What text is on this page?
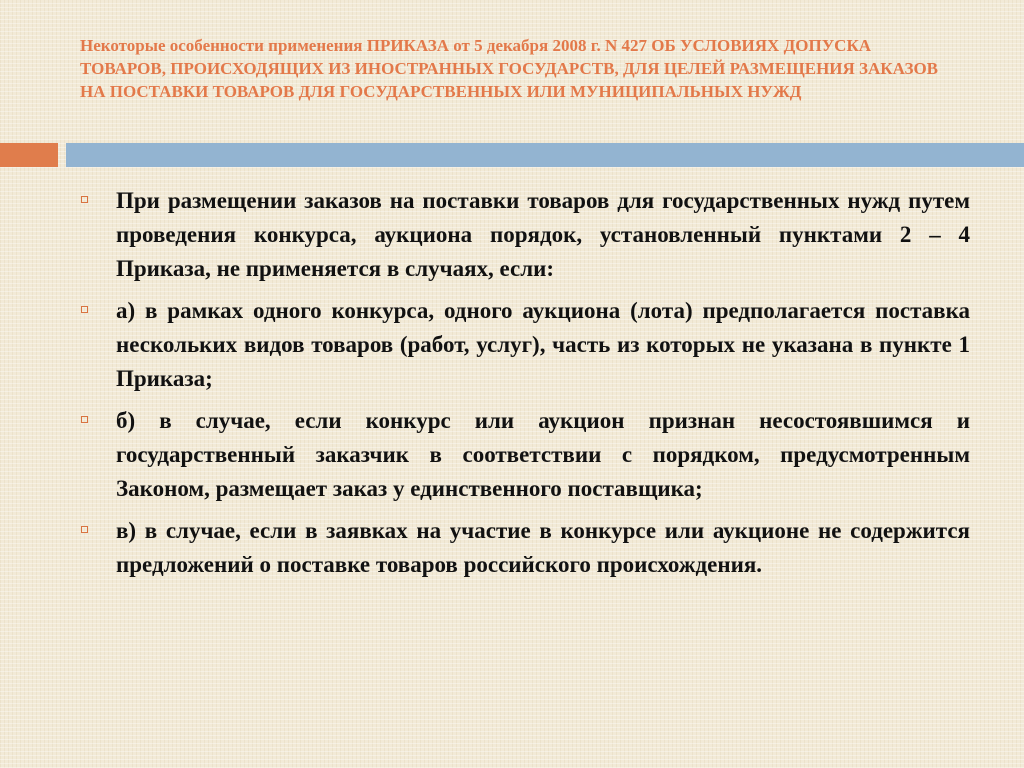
Некоторые особенности применения ПРИКАЗА от 5 декабря 2008 г. N 427 ОБ УСЛОВИЯХ ДОПУСКА ТОВАРОВ, ПРОИСХОДЯЩИХ ИЗ ИНОСТРАННЫХ ГОСУДАРСТВ, ДЛЯ ЦЕЛЕЙ РАЗМЕЩЕНИЯ ЗАКАЗОВ НА ПОСТАВКИ ТОВАРОВ ДЛЯ ГОСУДАРСТВЕННЫХ ИЛИ МУНИЦИПАЛЬНЫХ НУЖД
При размещении заказов на поставки товаров для государственных нужд путем проведения конкурса, аукциона порядок, установленный пунктами 2 – 4 Приказа, не применяется в случаях, если:
а) в рамках одного конкурса, одного аукциона (лота) предполагается поставка нескольких видов товаров (работ, услуг), часть из которых не указана в пункте 1 Приказа;
б) в случае, если конкурс или аукцион признан несостоявшимся и государственный заказчик в соответствии с порядком, предусмотренным Законом, размещает заказ у единственного поставщика;
в) в случае, если в заявках на участие в конкурсе или аукционе не содержится предложений о поставке товаров российского происхождения.
